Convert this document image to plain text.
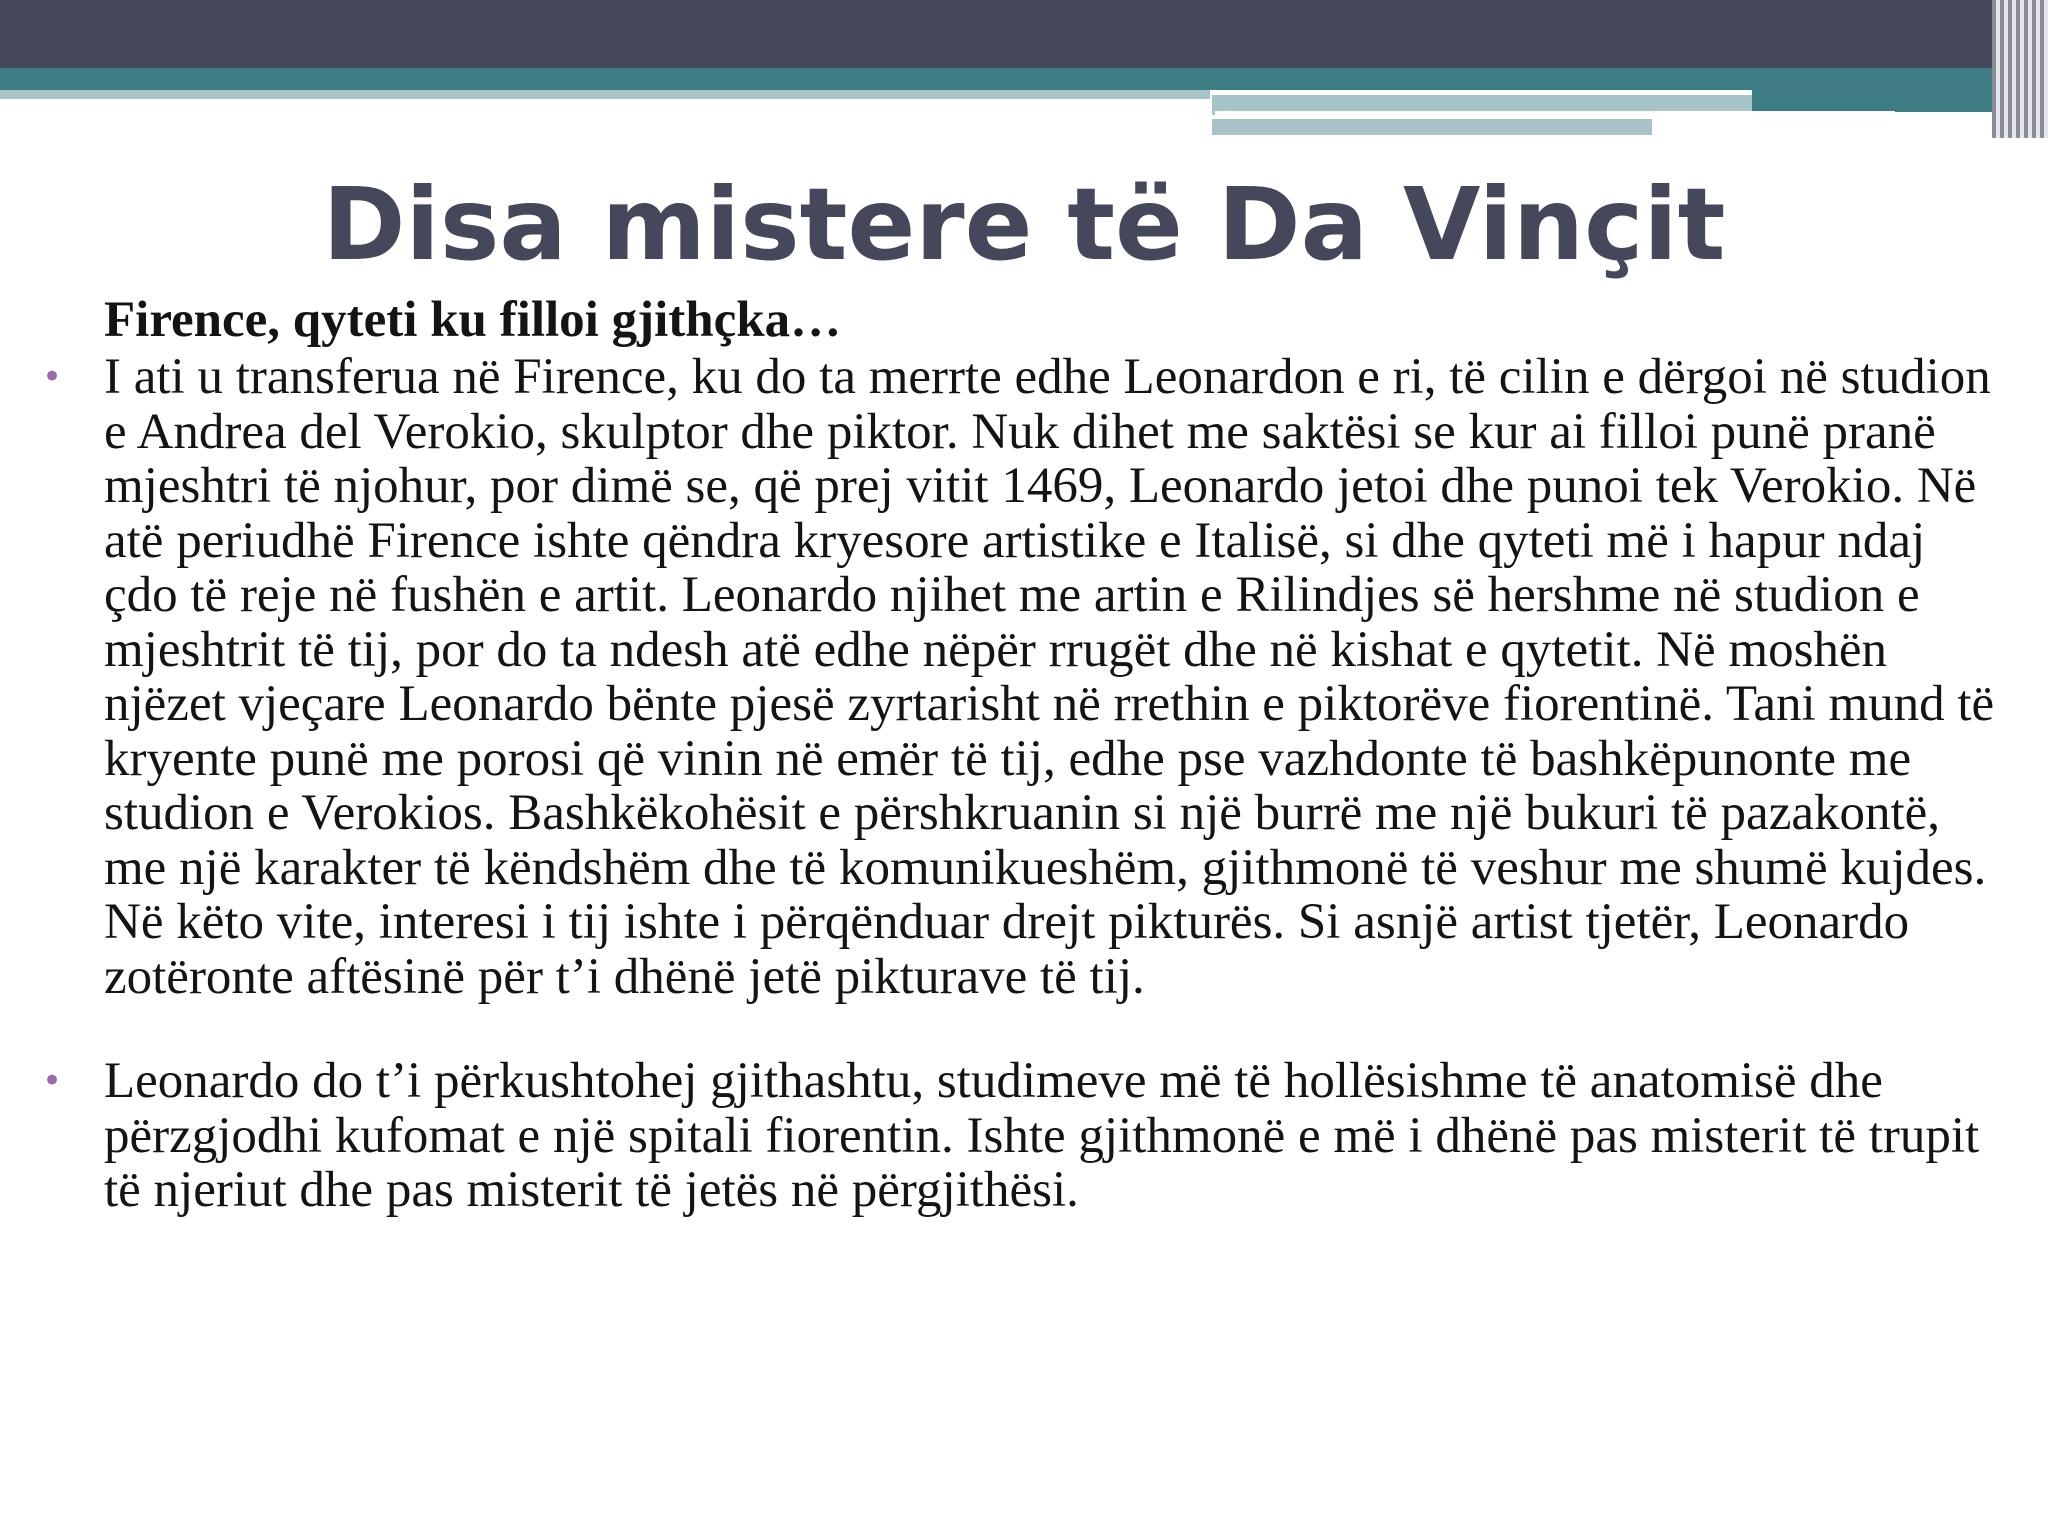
Disa mistere të Da Vinçit

Firence, qyteti ku filloi gjithçka…

• I ati u transferua në Firence, ku do ta merrte edhe Leonardon e ri, të cilin e dërgoi në studion e Andrea del Verokio, skulptor dhe piktor. Nuk dihet me saktësi se kur ai filloi punë pranë mjeshtri të njohur, por dimë se, që prej vitit 1469, Leonardo jetoi dhe punoi tek Verokio. Në atë periudhë Firence ishte qëndra kryesore artistike e Italisë, si dhe qyteti më i hapur ndaj çdo të reje në fushën e artit. Leonardo njihet me artin e Rilindjes së hershme në studion e mjeshtrit të tij, por do ta ndesh atë edhe nëpër rrugët dhe në kishat e qytetit. Në moshën njëzet vjeçare Leonardo bënte pjesë zyrtarisht në rrethin e piktorëve fiorentinë. Tani mund të kryente punë me porosi që vinin në emër të tij, edhe pse vazhdonte të bashkëpunonte me studion e Verokios. Bashkëkohësit e përshkruanin si një burrë me një bukuri të pazakontë, me një karakter të këndshëm dhe të komunikueshëm, gjithmonë të veshur me shumë kujdes. Në këto vite, interesi i tij ishte i përqënduar drejt pikturës. Si asnjë artist tjetër, Leonardo zotëronte aftësinë për t’i dhënë jetë pikturave të tij.
• Leonardo do t’i përkushtohej gjithashtu, studimeve më të hollësishme të anatomisë dhe përzgjodhi kufomat e një spitali fiorentin. Ishte gjithmonë e më i dhënë pas misterit të trupit të njeriut dhe pas misterit të jetës në përgjithësi.
